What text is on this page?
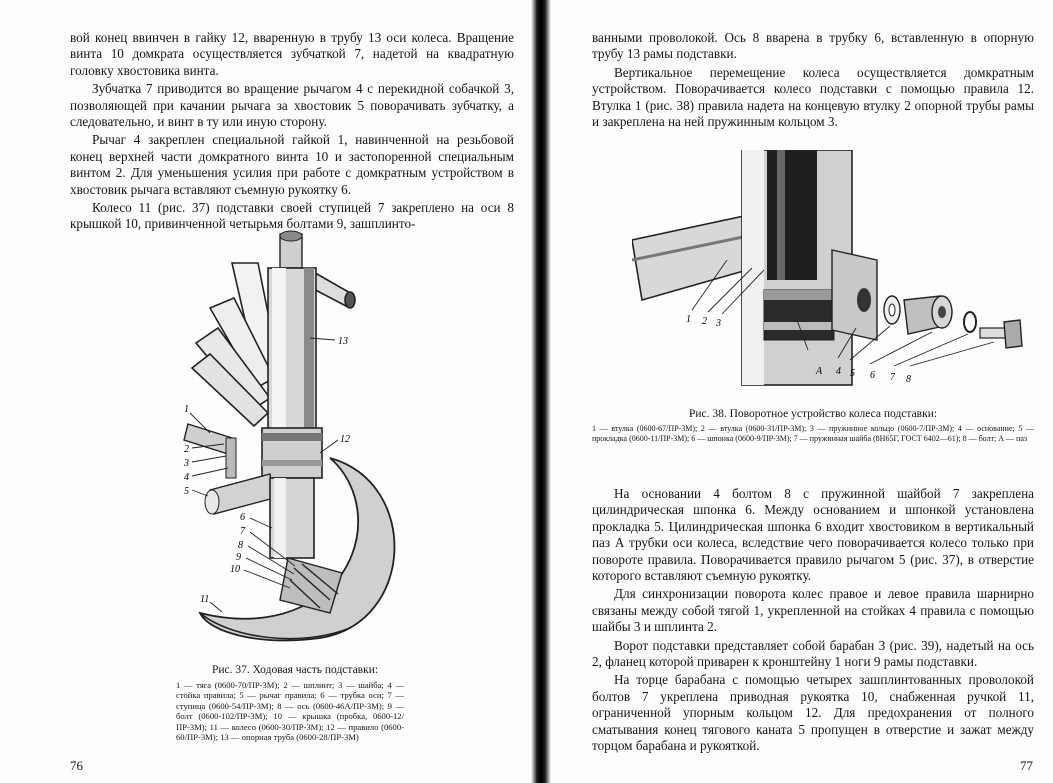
вой конец ввинчен в гайку 12, вваренную в трубу 13 оси колеса. Вращение винта 10 домкрата осуществляется зубчаткой 7, надетой на квадратную головку хвостовика винта.

Зубчатка 7 приводится во вращение рычагом 4 с перекидной собачкой 3, позволяющей при качании рычага за хвостовик 5 поворачивать зубчатку, а следовательно, и винт в ту или иную сторону.

Рычаг 4 закреплен специальной гайкой 1, навинченной на резьбовой конец верхней части домкратного винта 10 и застопоренной специальным винтом 2. Для уменьшения усилия при работе с домкратным устройством в хвостовик рычага вставляют съемную рукоятку 6.

Колесо 11 (рис. 37) подставки своей ступицей 7 закреплено на оси 8 крышкой 10, привинченной четырьмя болтами 9, зашплинто-

13
12
1
2
3
4
5
6
7
8
9
10
11
Рис. 37. Ходовая часть подставки:
1 — тяга (0600-70/ПР-3М); 2 — шплинт; 3 — шайба; 4 — стойка правила; 5 — рычаг правила; 6 — трубка оси; 7 — ступица (0600-54/ПР-3М); 8 — ось (0600-46А/ПР-3М); 9 — болт (0600-102/ПР-3М); 10 — крышка (пробка, 0600-12/ПР-3М); 11 — колесо (0600-30/ПР-3М); 12 — правило (0600-60/ПР-3М); 13 — опорная труба (0600-28/ПР-3М)
76

ванными проволокой. Ось 8 вварена в трубку 6, вставленную в опорную трубу 13 рамы подставки.

Вертикальное перемещение колеса осуществляется домкратным устройством. Поворачивается колесо подставки с помощью правила 12. Втулка 1 (рис. 38) правила надета на концевую втулку 2 опорной трубы рамы и закреплена на ней пружинным кольцом 3.

1 2 3
А 4 5 6 7 8
Рис. 38. Поворотное устройство колеса подставки:
1 — втулка (0600-67/ПР-3М); 2 — втулка (0600-31/ПР-3М); 3 — пружинное кольцо (0600-7/ПР-3М); 4 — основание; 5 — прокладка (0600-11/ПР-3М); 6 — шпонка (0600-9/ПР-3М); 7 — пружинная шайба (8Н65Г, ГОСТ 6402—61); 8 — болт; А — паз

На основании 4 болтом 8 с пружинной шайбой 7 закреплена цилиндрическая шпонка 6. Между основанием и шпонкой установлена прокладка 5. Цилиндрическая шпонка 6 входит хвостовиком в вертикальный паз А трубки оси колеса, вследствие чего поворачивается колесо только при повороте правила. Поворачивается правило рычагом 5 (рис. 37), в отверстие которого вставляют съемную рукоятку.

Для синхронизации поворота колес правое и левое правила шарнирно связаны между собой тягой 1, укрепленной на стойках 4 правила с помощью шайбы 3 и шплинта 2.

Ворот подставки представляет собой барабан 3 (рис. 39), надетый на ось 2, фланец которой приварен к кронштейну 1 ноги 9 рамы подставки.

На торце барабана с помощью четырех зашплинтованных проволокой болтов 7 укреплена приводная рукоятка 10, снабженная ручкой 11, ограниченной упорным кольцом 12. Для предохранения от полного сматывания конец тягового каната 5 пропущен в отверстие и зажат между торцом барабана и рукояткой.

77
